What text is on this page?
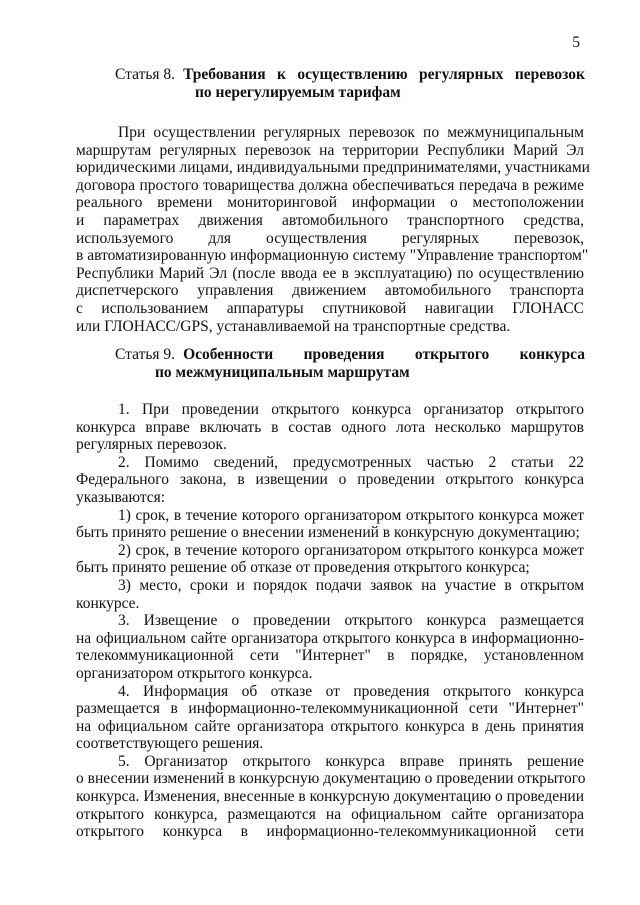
5
Статья 8. Требования к осуществлению регулярных перевозок
по нерегулируемым тарифам
При осуществлении регулярных перевозок по межмуниципальным
маршрутам регулярных перевозок на территории Республики Марий Эл
юридическими лицами, индивидуальными предпринимателями, участниками
договора простого товарищества должна обеспечиваться передача в режиме
реального времени мониторинговой информации о местоположении
и параметрах движения автомобильного транспортного средства,
используемого для осуществления регулярных перевозок,
в автоматизированную информационную систему "Управление транспортом"
Республики Марий Эл (после ввода ее в эксплуатацию) по осуществлению
диспетчерского управления движением автомобильного транспорта
с использованием аппаратуры спутниковой навигации ГЛОНАСС
или ГЛОНАСС/GPS, устанавливаемой на транспортные средства.
Статья 9. Особенности проведения открытого конкурса
по межмуниципальным маршрутам
1. При проведении открытого конкурса организатор открытого
конкурса вправе включать в состав одного лота несколько маршрутов
регулярных перевозок.
2. Помимо сведений, предусмотренных частью 2 статьи 22
Федерального закона, в извещении о проведении открытого конкурса
указываются:
1) срок, в течение которого организатором открытого конкурса может
быть принято решение о внесении изменений в конкурсную документацию;
2) срок, в течение которого организатором открытого конкурса может
быть принято решение об отказе от проведения открытого конкурса;
3) место, сроки и порядок подачи заявок на участие в открытом
конкурсе.
3. Извещение о проведении открытого конкурса размещается
на официальном сайте организатора открытого конкурса в информационно-
телекоммуникационной сети "Интернет" в порядке, установленном
организатором открытого конкурса.
4. Информация об отказе от проведения открытого конкурса
размещается в информационно-телекоммуникационной сети "Интернет"
на официальном сайте организатора открытого конкурса в день принятия
соответствующего решения.
5. Организатор открытого конкурса вправе принять решение
о внесении изменений в конкурсную документацию о проведении открытого
конкурса. Изменения, внесенные в конкурсную документацию о проведении
открытого конкурса, размещаются на официальном сайте организатора
открытого конкурса в информационно-телекоммуникационной сети
